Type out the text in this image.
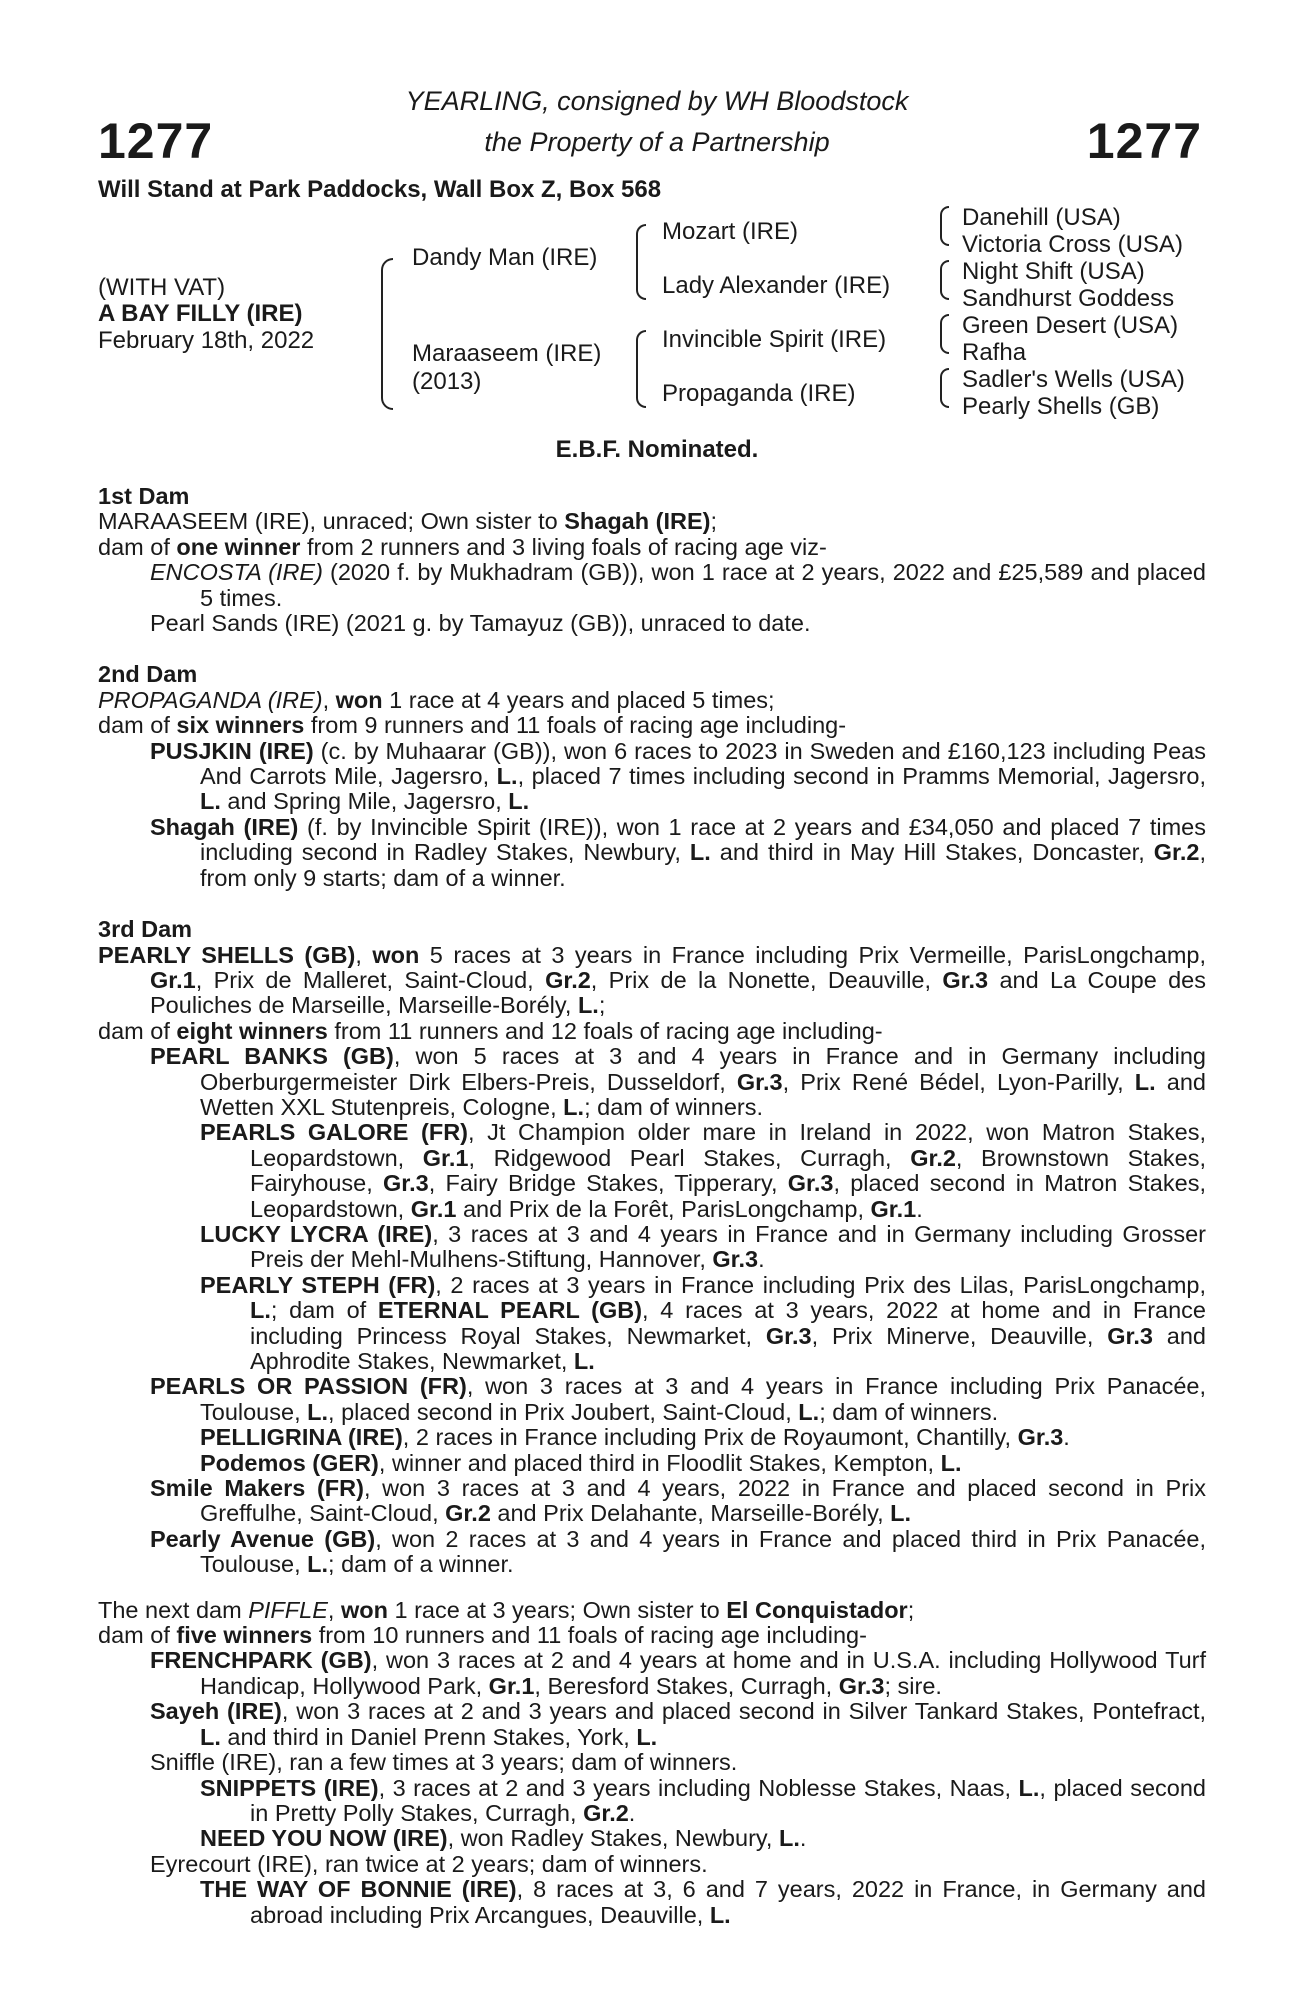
1277	1277
YEARLING, consigned by WH Bloodstock
the Property of a Partnership
Will Stand at Park Paddocks, Wall Box Z, Box 568
(WITH VAT)
A BAY FILLY (IRE)
February 18th, 2022
Dandy Man (IRE)
Maraaseem (IRE)
(2013)
Mozart (IRE)
Lady Alexander (IRE)
Invincible Spirit (IRE)
Propaganda (IRE)
Danehill (USA)
Victoria Cross (USA)
Night Shift (USA)
Sandhurst Goddess
Green Desert (USA)
Rafha
Sadler's Wells (USA)
Pearly Shells (GB)
E.B.F. Nominated.
1st Dam
MARAASEEM (IRE), unraced; Own sister to Shagah (IRE);
dam of one winner from 2 runners and 3 living foals of racing age viz-
ENCOSTA (IRE) (2020 f. by Mukhadram (GB)), won 1 race at 2 years, 2022 and £25,589 and placed 5 times.
Pearl Sands (IRE) (2021 g. by Tamayuz (GB)), unraced to date.
2nd Dam
PROPAGANDA (IRE), won 1 race at 4 years and placed 5 times;
dam of six winners from 9 runners and 11 foals of racing age including-
PUSJKIN (IRE) (c. by Muhaarar (GB)), won 6 races to 2023 in Sweden and £160,123 including Peas And Carrots Mile, Jagersro, L., placed 7 times including second in Pramms Memorial, Jagersro, L. and Spring Mile, Jagersro, L.
Shagah (IRE) (f. by Invincible Spirit (IRE)), won 1 race at 2 years and £34,050 and placed 7 times including second in Radley Stakes, Newbury, L. and third in May Hill Stakes, Doncaster, Gr.2, from only 9 starts; dam of a winner.
3rd Dam
PEARLY SHELLS (GB), won 5 races at 3 years in France including Prix Vermeille, ParisLongchamp, Gr.1, Prix de Malleret, Saint-Cloud, Gr.2, Prix de la Nonette, Deauville, Gr.3 and La Coupe des Pouliches de Marseille, Marseille-Borély, L.;
dam of eight winners from 11 runners and 12 foals of racing age including-
PEARL BANKS (GB), won 5 races at 3 and 4 years in France and in Germany including Oberburgermeister Dirk Elbers-Preis, Dusseldorf, Gr.3, Prix René Bédel, Lyon-Parilly, L. and Wetten XXL Stutenpreis, Cologne, L.; dam of winners.
PEARLS GALORE (FR), Jt Champion older mare in Ireland in 2022, won Matron Stakes, Leopardstown, Gr.1, Ridgewood Pearl Stakes, Curragh, Gr.2, Brownstown Stakes, Fairyhouse, Gr.3, Fairy Bridge Stakes, Tipperary, Gr.3, placed second in Matron Stakes, Leopardstown, Gr.1 and Prix de la Forêt, ParisLongchamp, Gr.1.
LUCKY LYCRA (IRE), 3 races at 3 and 4 years in France and in Germany including Grosser Preis der Mehl-Mulhens-Stiftung, Hannover, Gr.3.
PEARLY STEPH (FR), 2 races at 3 years in France including Prix des Lilas, ParisLongchamp, L.; dam of ETERNAL PEARL (GB), 4 races at 3 years, 2022 at home and in France including Princess Royal Stakes, Newmarket, Gr.3, Prix Minerve, Deauville, Gr.3 and Aphrodite Stakes, Newmarket, L.
PEARLS OR PASSION (FR), won 3 races at 3 and 4 years in France including Prix Panacée, Toulouse, L., placed second in Prix Joubert, Saint-Cloud, L.; dam of winners.
PELLIGRINA (IRE), 2 races in France including Prix de Royaumont, Chantilly, Gr.3.
Podemos (GER), winner and placed third in Floodlit Stakes, Kempton, L.
Smile Makers (FR), won 3 races at 3 and 4 years, 2022 in France and placed second in Prix Greffulhe, Saint-Cloud, Gr.2 and Prix Delahante, Marseille-Borély, L.
Pearly Avenue (GB), won 2 races at 3 and 4 years in France and placed third in Prix Panacée, Toulouse, L.; dam of a winner.
The next dam PIFFLE, won 1 race at 3 years; Own sister to El Conquistador;
dam of five winners from 10 runners and 11 foals of racing age including-
FRENCHPARK (GB), won 3 races at 2 and 4 years at home and in U.S.A. including Hollywood Turf Handicap, Hollywood Park, Gr.1, Beresford Stakes, Curragh, Gr.3; sire.
Sayeh (IRE), won 3 races at 2 and 3 years and placed second in Silver Tankard Stakes, Pontefract, L. and third in Daniel Prenn Stakes, York, L.
Sniffle (IRE), ran a few times at 3 years; dam of winners.
SNIPPETS (IRE), 3 races at 2 and 3 years including Noblesse Stakes, Naas, L., placed second in Pretty Polly Stakes, Curragh, Gr.2.
NEED YOU NOW (IRE), won Radley Stakes, Newbury, L..
Eyrecourt (IRE), ran twice at 2 years; dam of winners.
THE WAY OF BONNIE (IRE), 8 races at 3, 6 and 7 years, 2022 in France, in Germany and abroad including Prix Arcangues, Deauville, L.
